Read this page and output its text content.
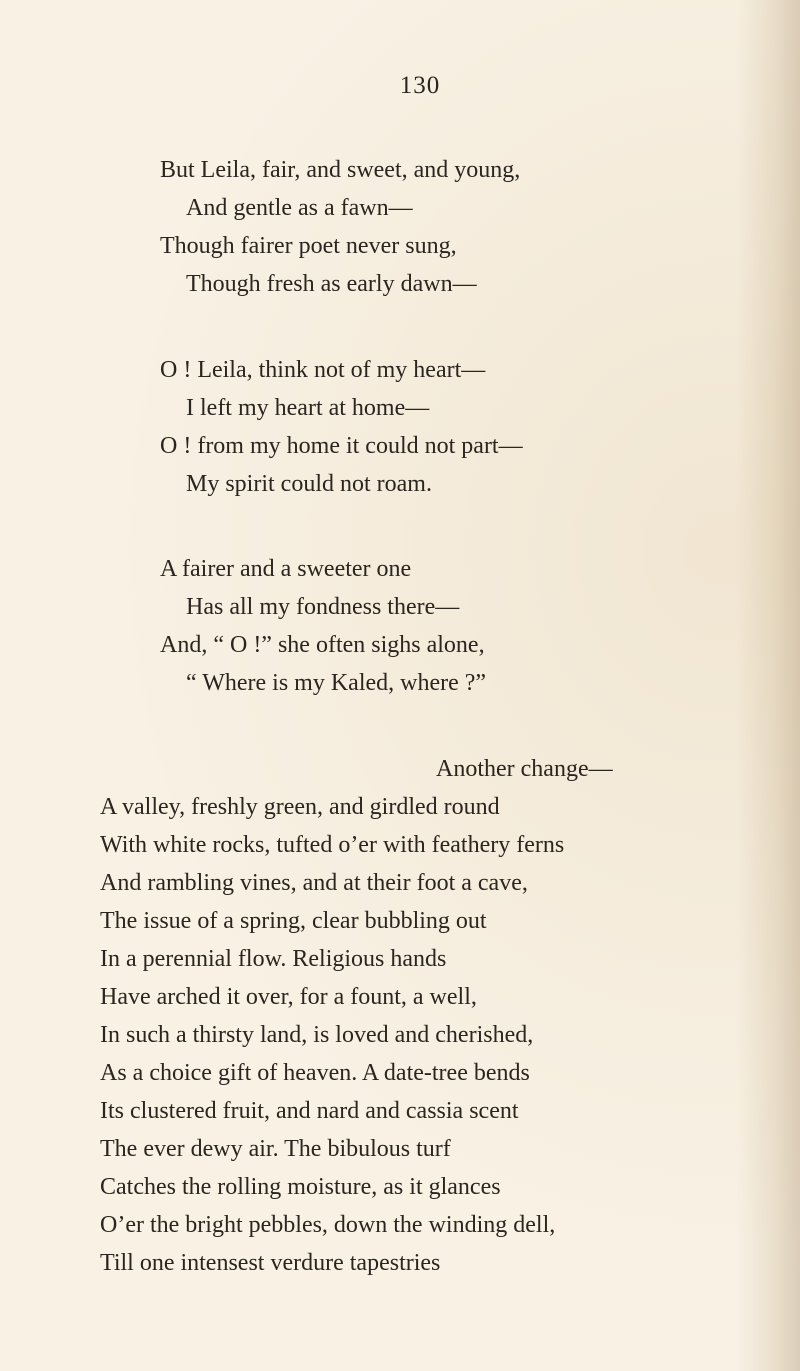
130
But Leila, fair, and sweet, and young,
And gentle as a fawn—
Though fairer poet never sung,
Though fresh as early dawn—
O ! Leila, think not of my heart—
I left my heart at home—
O ! from my home it could not part—
My spirit could not roam.
A fairer and a sweeter one
Has all my fondness there—
And, “ O !” she often sighs alone,
“ Where is my Kaled, where ?”
Another change—
A valley, freshly green, and girdled round
With white rocks, tufted o’er with feathery ferns
And rambling vines, and at their foot a cave,
The issue of a spring, clear bubbling out
In a perennial flow. Religious hands
Have arched it over, for a fount, a well,
In such a thirsty land, is loved and cherished,
As a choice gift of heaven. A date-tree bends
Its clustered fruit, and nard and cassia scent
The ever dewy air. The bibulous turf
Catches the rolling moisture, as it glances
O’er the bright pebbles, down the winding dell,
Till one intensest verdure tapestries
